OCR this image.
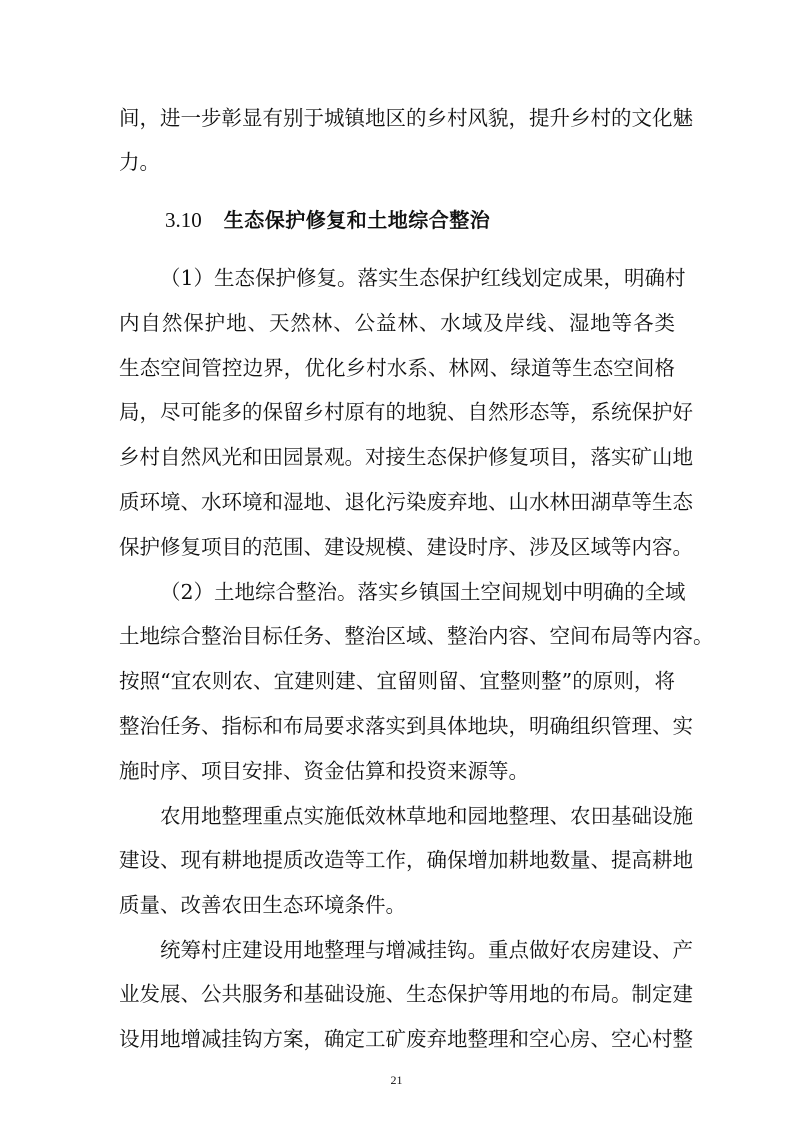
间，进一步彰显有别于城镇地区的乡村风貌，提升乡村的文化魅
力。
3.10 生态保护修复和土地综合整治
（1）生态保护修复。落实生态保护红线划定成果，明确村
内自然保护地、天然林、公益林、水域及岸线、湿地等各类
生态空间管控边界，优化乡村水系、林网、绿道等生态空间格
局，尽可能多的保留乡村原有的地貌、自然形态等，系统保护好
乡村自然风光和田园景观。对接生态保护修复项目，落实矿山地
质环境、水环境和湿地、退化污染废弃地、山水林田湖草等生态
保护修复项目的范围、建设规模、建设时序、涉及区域等内容。
（2）土地综合整治。落实乡镇国土空间规划中明确的全域
土地综合整治目标任务、整治区域、整治内容、空间布局等内容。
按照“宜农则农、宜建则建、宜留则留、宜整则整”的原则，将
整治任务、指标和布局要求落实到具体地块，明确组织管理、实
施时序、项目安排、资金估算和投资来源等。
农用地整理重点实施低效林草地和园地整理、农田基础设施
建设、现有耕地提质改造等工作，确保增加耕地数量、提高耕地
质量、改善农田生态环境条件。
统筹村庄建设用地整理与增减挂钩。重点做好农房建设、产
业发展、公共服务和基础设施、生态保护等用地的布局。制定建
设用地增减挂钩方案，确定工矿废弃地整理和空心房、空心村整
21
